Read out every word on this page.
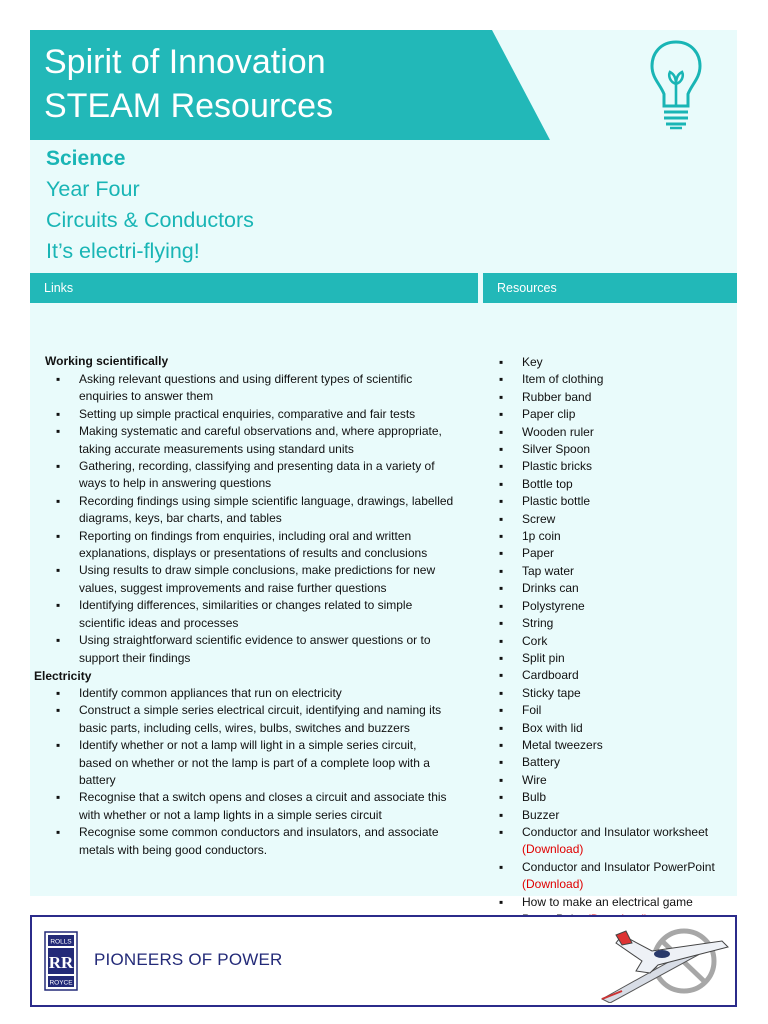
Spirit of Innovation
STEAM Resources
Science
Year Four
Circuits & Conductors
It’s electri-flying!
Links	Resources
Working scientifically
▪ Asking relevant questions and using different types of scientific
enquiries to answer them
▪ Setting up simple practical enquiries, comparative and fair tests
▪ Making systematic and careful observations and, where appropriate,
taking accurate measurements using standard units
▪ Gathering, recording, classifying and presenting data in a variety of
ways to help in answering questions
▪ Recording findings using simple scientific language, drawings, labelled
diagrams, keys, bar charts, and tables
▪ Reporting on findings from enquiries, including oral and written
explanations, displays or presentations of results and conclusions
▪ Using results to draw simple conclusions, make predictions for new
values, suggest improvements and raise further questions
▪ Identifying differences, similarities or changes related to simple
scientific ideas and processes
▪ Using straightforward scientific evidence to answer questions or to
support their findings
Electricity
▪ Identify common appliances that run on electricity
▪ Construct a simple series electrical circuit, identifying and naming its
basic parts, including cells, wires, bulbs, switches and buzzers
▪ Identify whether or not a lamp will light in a simple series circuit,
based on whether or not the lamp is part of a complete loop with a
battery
▪ Recognise that a switch opens and closes a circuit and associate this
with whether or not a lamp lights in a simple series circuit
▪ Recognise some common conductors and insulators, and associate
metals with being good conductors.
▪ Key
▪ Item of clothing
▪ Rubber band
▪ Paper clip
▪ Wooden ruler
▪ Silver Spoon
▪ Plastic bricks
▪ Bottle top
▪ Plastic bottle
▪ Screw
▪ 1p coin
▪ Paper
▪ Tap water
▪ Drinks can
▪ Polystyrene
▪ String
▪ Cork
▪ Split pin
▪ Cardboard
▪ Sticky tape
▪ Foil
▪ Box with lid
▪ Metal tweezers
▪ Battery
▪ Wire
▪ Bulb
▪ Buzzer
▪ Conductor and Insulator worksheet
(Download)
▪ Conductor and Insulator PowerPoint
(Download)
▪ How to make an electrical game

ROLLS
RR
ROYCE
PIONEERS OF POWER
